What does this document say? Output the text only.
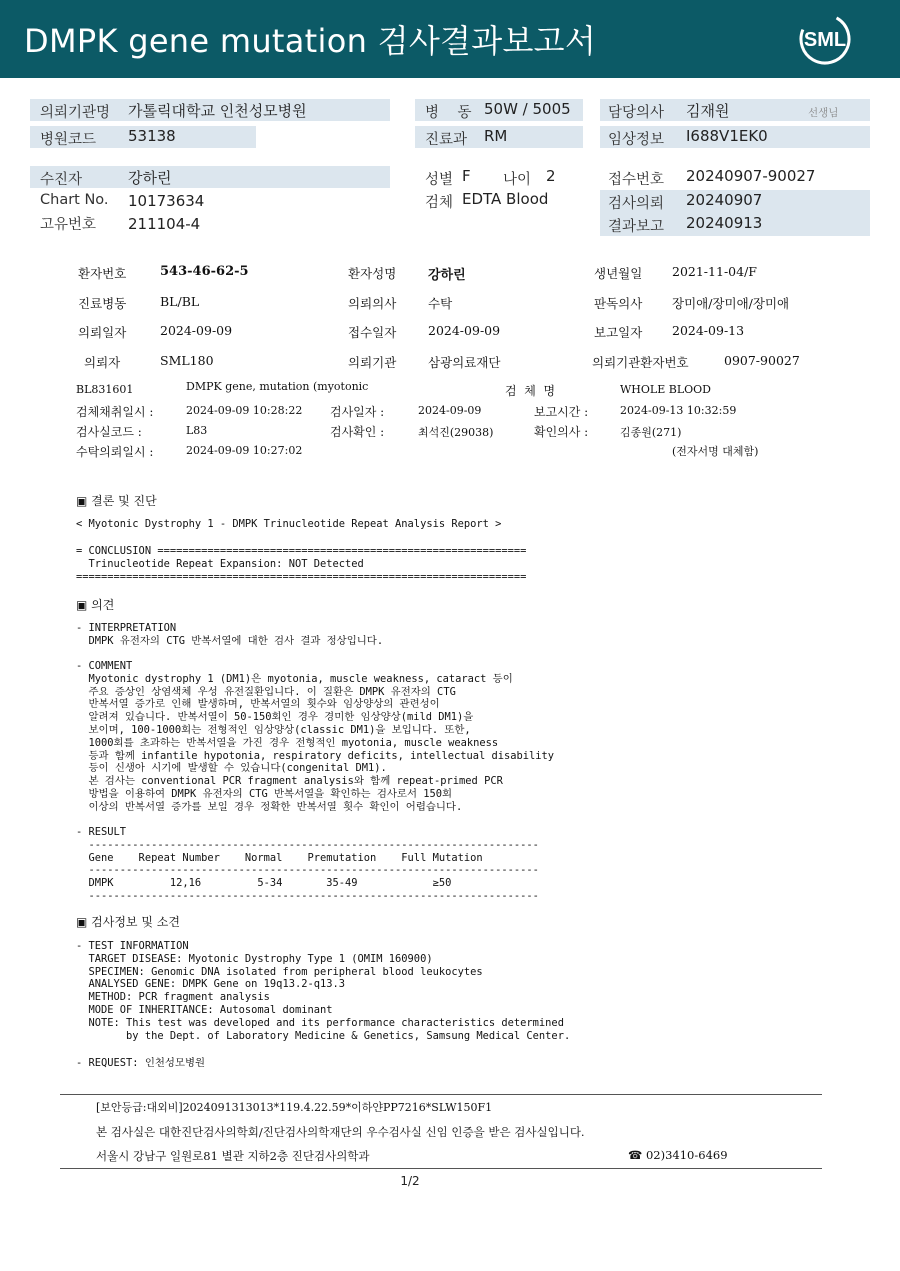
DMPK gene mutation 검사결과보고서	SML
의뢰기관명 가톨릭대학교 인천성모병원
병원코드 53138
병    동 50W / 5005
진료과 RM
담당의사 김재원	선생님
임상정보 I688V1EK0
수진자	강하린
Chart No. 10173634
고유번호 211104-4
성별 F 나이 2
검체 EDTA Blood
접수번호 20240907-90027
검사의뢰 20240907
결과보고 20240913
환자번호	543-46-62-5	환자성명 강하린	생년월일 2021-11-04/F
진료병동	BL/BL	의뢰의사	수탁	판독의사 장미애/장미애/장미애
의뢰일자	2024-09-09	접수일자	2024-09-09	보고일자 2024-09-13
의뢰자	SML180	의뢰기관	삼광의료재단	의뢰기관환자번호	0907-90027
BL831601	DMPK gene, mutation (myotonic	검  체  명	WHOLE BLOOD
검체채취일시 :	2024-09-09 10:28:22 검사일자 :	2024-09-09	보고시간 :	2024-09-13 10:32:59
검사실코드 :	L83	검사확인 :	최석진(29038)	확인의사 :	김종원(271)
수탁의뢰일시 :	2024-09-09 10:27:02	(전자서명 대체함)
▣ 결론 및 진단
< Myotonic Dystrophy 1 - DMPK Trinucleotide Repeat Analysis Report >
= CONCLUSION ===========================================================
Trinucleotide Repeat Expansion: NOT Detected
========================================================================
▣ 의견
- INTERPRETATION
DMPK 유전자의 CTG 반복서열에 대한 검사 결과 정상입니다.
- COMMENT
Myotonic dystrophy 1 (DM1)은 myotonia, muscle weakness, cataract 등이
주요 증상인 상염색체 우성 유전질환입니다. 이 질환은 DMPK 유전자의 CTG
반복서열 증가로 인해 발생하며, 반복서열의 횟수와 임상양상의 관련성이
알려져 있습니다. 반복서열이 50-150회인 경우 경미한 임상양상(mild DM1)을
보이며, 100-1000회는 전형적인 임상양상(classic DM1)을 보입니다. 또한,
1000회를 초과하는 반복서열을 가진 경우 전형적인 myotonia, muscle weakness
등과 함께 infantile hypotonia, respiratory deficits, intellectual disability
등이 신생아 시기에 발생할 수 있습니다(congenital DM1).
본 검사는 conventional PCR fragment analysis와 함께 repeat-primed PCR
방법을 이용하여 DMPK 유전자의 CTG 반복서열을 확인하는 검사로서 150회
이상의 반복서열 증가를 보일 경우 정확한 반복서열 횟수 확인이 어렵습니다.
- RESULT
------------------------------------------------------------------------
Gene    Repeat Number    Normal    Premutation    Full Mutation
------------------------------------------------------------------------
DMPK         12,16         5-34       35-49            ≥50
------------------------------------------------------------------------
▣ 검사정보 및 소견
- TEST INFORMATION
TARGET DISEASE: Myotonic Dystrophy Type 1 (OMIM 160900)
SPECIMEN: Genomic DNA isolated from peripheral blood leukocytes
ANALYSED GENE: DMPK Gene on 19q13.2-q13.3
METHOD: PCR fragment analysis
MODE OF INHERITANCE: Autosomal dominant
NOTE: This test was developed and its performance characteristics determined
by the Dept. of Laboratory Medicine & Genetics, Samsung Medical Center.
- REQUEST: 인천성모병원
[보안등급:대외비]2024091313013*119.4.22.59*이하얀PP7216*SLW150F1
본 검사실은 대한진단검사의학회/진단검사의학재단의 우수검사실 신임 인증을 받은 검사실입니다.
서울시 강남구 일원로81 별관 지하2층 진단검사의학과	☎ 02)3410-6469
1/2
